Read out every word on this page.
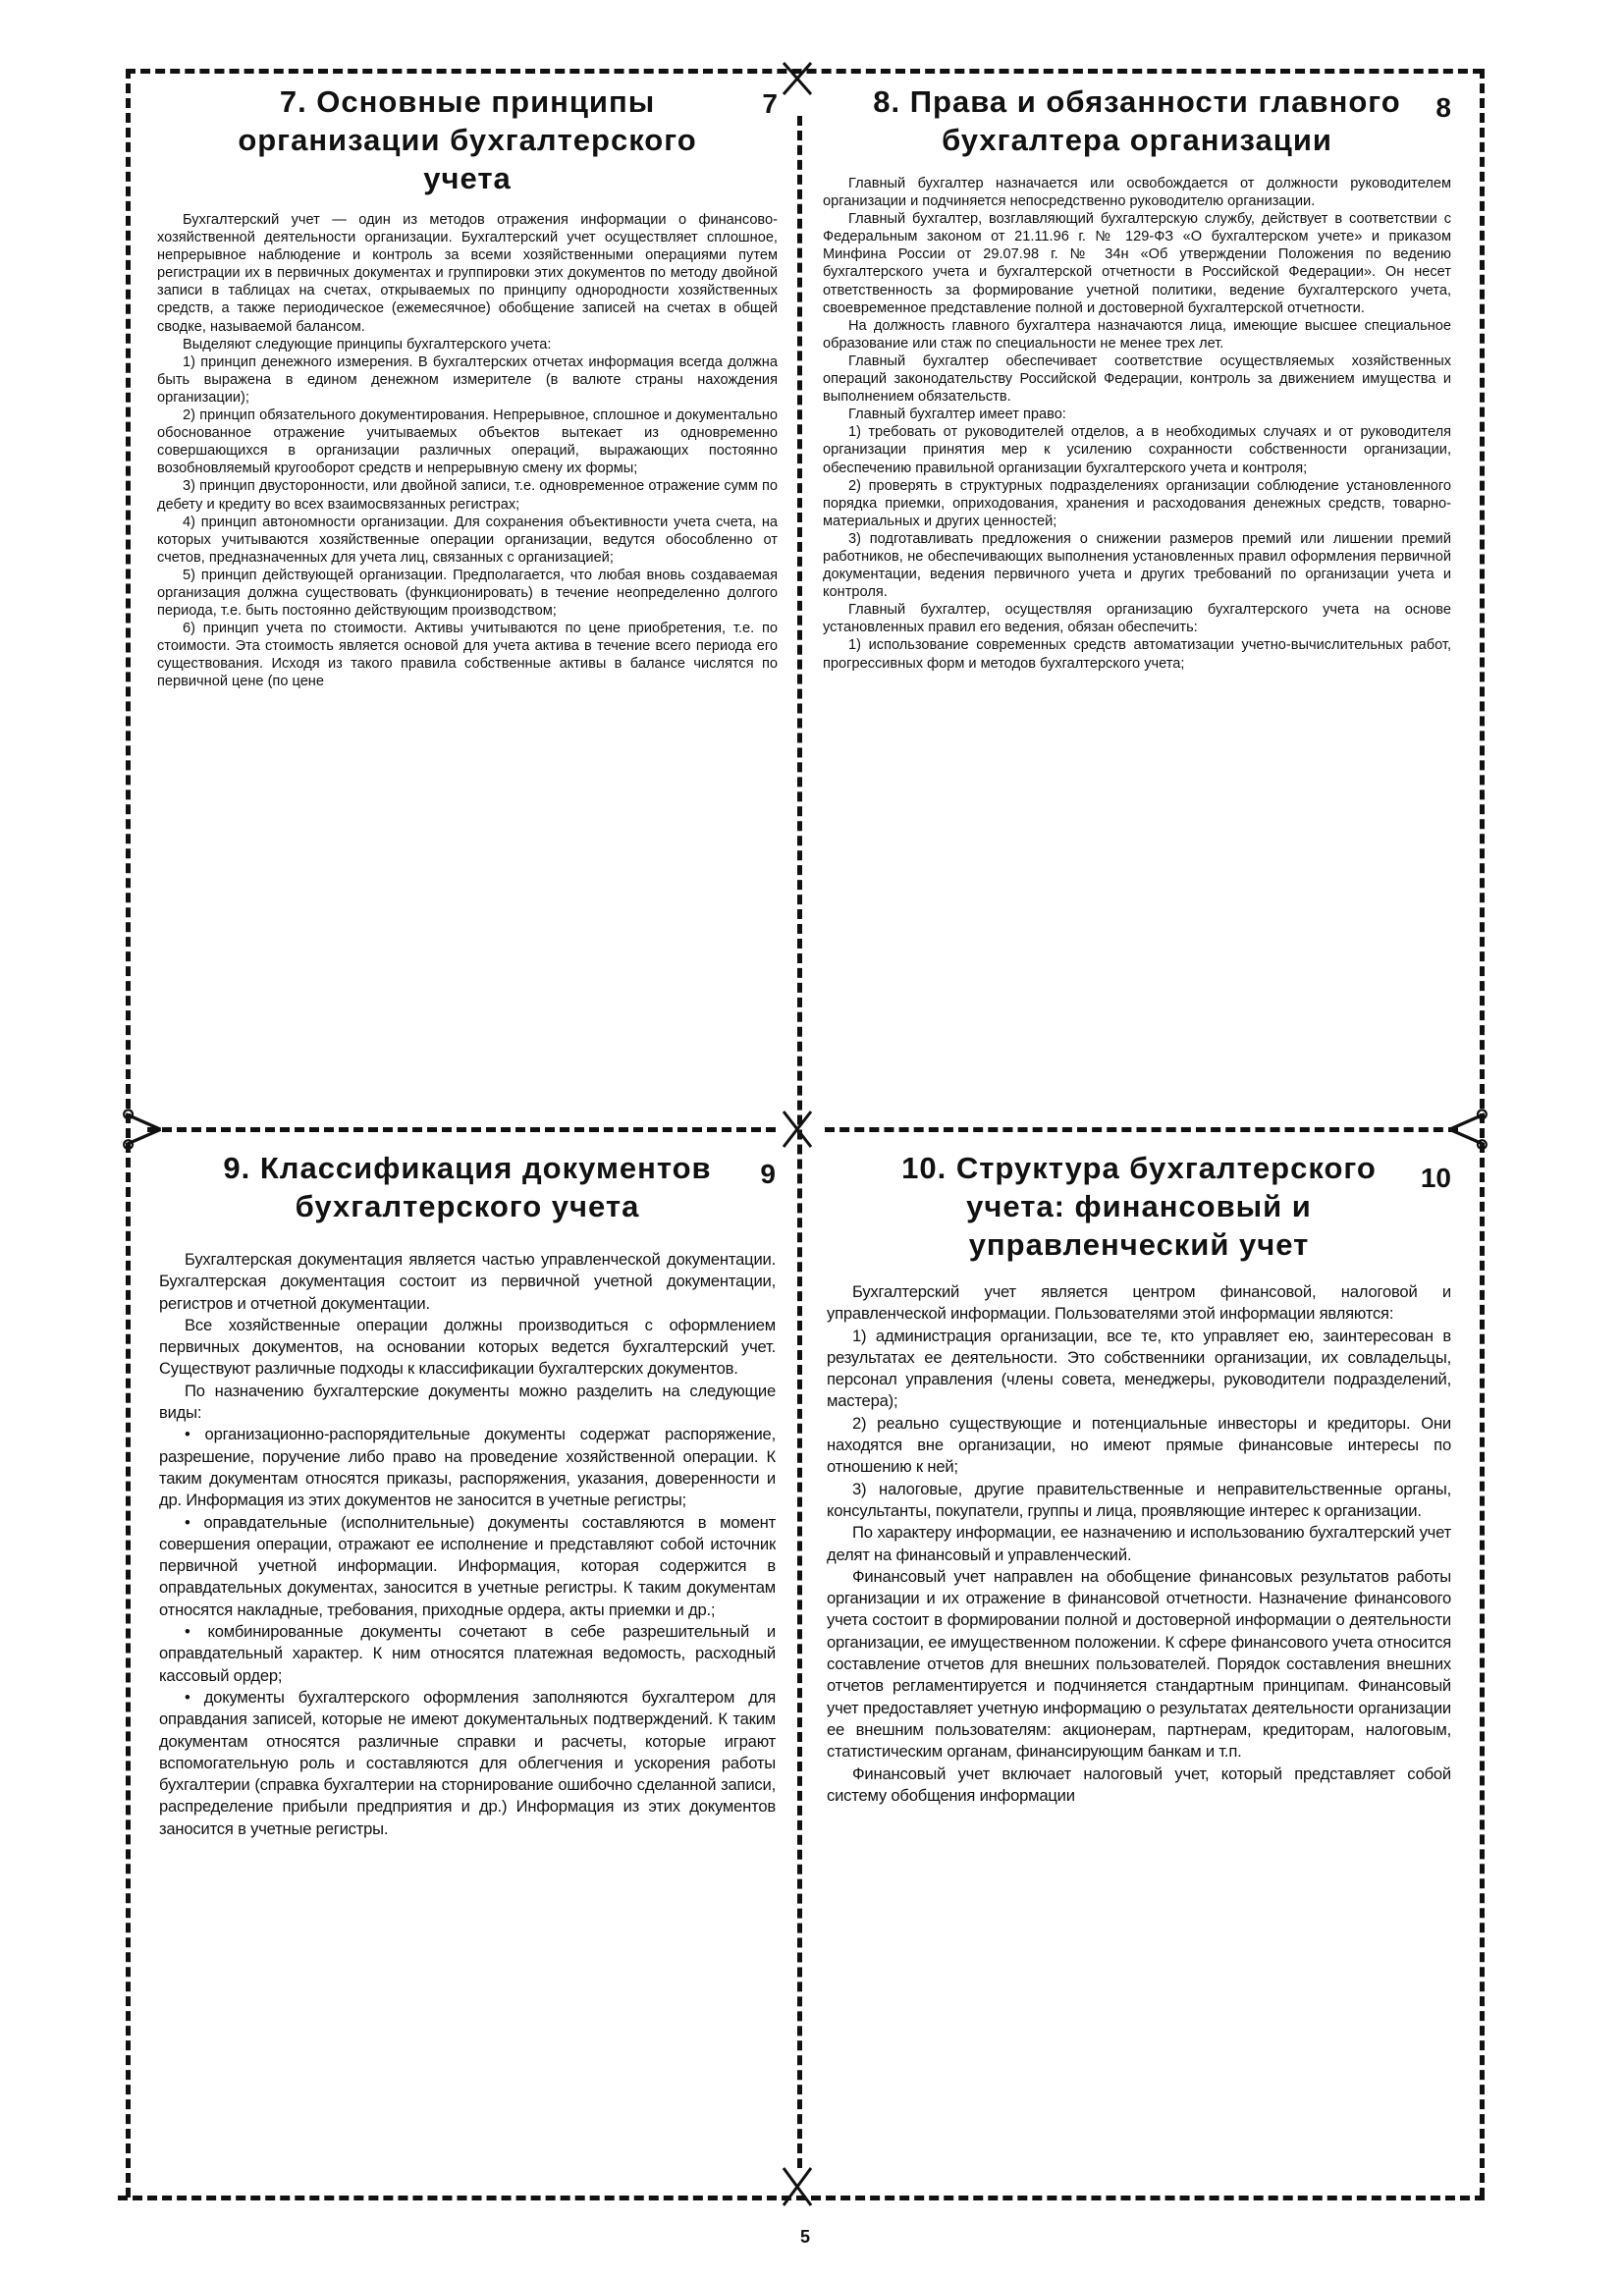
7. Основные принципы организации бухгалтерского учета
7

Бухгалтерский учет — один из методов отражения информации о финансово-хозяйственной деятельности организации. Бухгалтерский учет осуществляет сплошное, непрерывное наблюдение и контроль за всеми хозяйственными операциями путем регистрации их в первичных документах и группировки этих документов по методу двойной записи в таблицах на счетах, открываемых по принципу однородности хозяйственных средств, а также периодическое (ежемесячное) обобщение записей на счетах в общей сводке, называемой балансом.

Выделяют следующие принципы бухгалтерского учета:

1) принцип денежного измерения. В бухгалтерских отчетах информация всегда должна быть выражена в едином денежном измерителе (в валюте страны нахождения организации);

2) принцип обязательного документирования. Непрерывное, сплошное и документально обоснованное отражение учитываемых объектов вытекает из одновременно совершающихся в организации различных операций, выражающих постоянно возобновляемый кругооборот средств и непрерывную смену их формы;

3) принцип двусторонности, или двойной записи, т.е. одновременное отражение сумм по дебету и кредиту во всех взаимосвязанных регистрах;

4) принцип автономности организации. Для сохранения объективности учета счета, на которых учитываются хозяйственные операции организации, ведутся обособленно от счетов, предназначенных для учета лиц, связанных с организацией;

5) принцип действующей организации. Предполагается, что любая вновь создаваемая организация должна существовать (функционировать) в течение неопределенно долгого периода, т.е. быть постоянно действующим производством;

6) принцип учета по стоимости. Активы учитываются по цене приобретения, т.е. по стоимости. Эта стоимость является основой для учета актива в течение всего периода его существования. Исходя из такого правила собственные активы в балансе числятся по первичной цене (по цене

8. Права и обязанности главного бухгалтера организации
8

Главный бухгалтер назначается или освобождается от должности руководителем организации и подчиняется непосредственно руководителю организации.

Главный бухгалтер, возглавляющий бухгалтерскую службу, действует в соответствии с Федеральным законом от 21.11.96 г. № 129-ФЗ «О бухгалтерском учете» и приказом Минфина России от 29.07.98 г. № 34н «Об утверждении Положения по ведению бухгалтерского учета и бухгалтерской отчетности в Российской Федерации». Он несет ответственность за формирование учетной политики, ведение бухгалтерского учета, своевременное представление полной и достоверной бухгалтерской отчетности.

На должность главного бухгалтера назначаются лица, имеющие высшее специальное образование или стаж по специальности не менее трех лет.

Главный бухгалтер обеспечивает соответствие осуществляемых хозяйственных операций законодательству Российской Федерации, контроль за движением имущества и выполнением обязательств.

Главный бухгалтер имеет право:

1) требовать от руководителей отделов, а в необходимых случаях и от руководителя организации принятия мер к усилению сохранности собственности организации, обеспечению правильной организации бухгалтерского учета и контроля;

2) проверять в структурных подразделениях организации соблюдение установленного порядка приемки, оприходования, хранения и расходования денежных средств, товарно-материальных и других ценностей;

3) подготавливать предложения о снижении размеров премий или лишении премий работников, не обеспечивающих выполнения установленных правил оформления первичной документации, ведения первичного учета и других требований по организации учета и контроля.

Главный бухгалтер, осуществляя организацию бухгалтерского учета на основе установленных правил его ведения, обязан обеспечить:

1) использование современных средств автоматизации учетно-вычислительных работ, прогрессивных форм и методов бухгалтерского учета;

9. Классификация документов бухгалтерского учета
9

Бухгалтерская документация является частью управленческой документации. Бухгалтерская документация состоит из первичной учетной документации, регистров и отчетной документации.

Все хозяйственные операции должны производиться с оформлением первичных документов, на основании которых ведется бухгалтерский учет. Существуют различные подходы к классификации бухгалтерских документов.

По назначению бухгалтерские документы можно разделить на следующие виды:

• организационно-распорядительные документы содержат распоряжение, разрешение, поручение либо право на проведение хозяйственной операции. К таким документам относятся приказы, распоряжения, указания, доверенности и др. Информация из этих документов не заносится в учетные регистры;

• оправдательные (исполнительные) документы составляются в момент совершения операции, отражают ее исполнение и представляют собой источник первичной учетной информации. Информация, которая содержится в оправдательных документах, заносится в учетные регистры. К таким документам относятся накладные, требования, приходные ордера, акты приемки и др.;

• комбинированные документы сочетают в себе разрешительный и оправдательный характер. К ним относятся платежная ведомость, расходный кассовый ордер;

• документы бухгалтерского оформления заполняются бухгалтером для оправдания записей, которые не имеют документальных подтверждений. К таким документам относятся различные справки и расчеты, которые играют вспомогательную роль и составляются для облегчения и ускорения работы бухгалтерии (справка бухгалтерии на сторнирование ошибочно сделанной записи, распределение прибыли предприятия и др.) Информация из этих документов заносится в учетные регистры.

10. Структура бухгалтерского учета: финансовый и управленческий учет
10

Бухгалтерский учет является центром финансовой, налоговой и управленческой информации. Пользователями этой информации являются:

1) администрация организации, все те, кто управляет ею, заинтересован в результатах ее деятельности. Это собственники организации, их совладельцы, персонал управления (члены совета, менеджеры, руководители подразделений, мастера);

2) реально существующие и потенциальные инвесторы и кредиторы. Они находятся вне организации, но имеют прямые финансовые интересы по отношению к ней;

3) налоговые, другие правительственные и неправительственные органы, консультанты, покупатели, группы и лица, проявляющие интерес к организации.

По характеру информации, ее назначению и использованию бухгалтерский учет делят на финансовый и управленческий.

Финансовый учет направлен на обобщение финансовых результатов работы организации и их отражение в финансовой отчетности. Назначение финансового учета состоит в формировании полной и достоверной информации о деятельности организации, ее имущественном положении. К сфере финансового учета относится составление отчетов для внешних пользователей. Порядок составления внешних отчетов регламентируется и подчиняется стандартным принципам. Финансовый учет предоставляет учетную информацию о результатах деятельности организации ее внешним пользователям: акционерам, партнерам, кредиторам, налоговым, статистическим органам, финансирующим банкам и т.п.

Финансовый учет включает налоговый учет, который представляет собой систему обобщения информации

5
